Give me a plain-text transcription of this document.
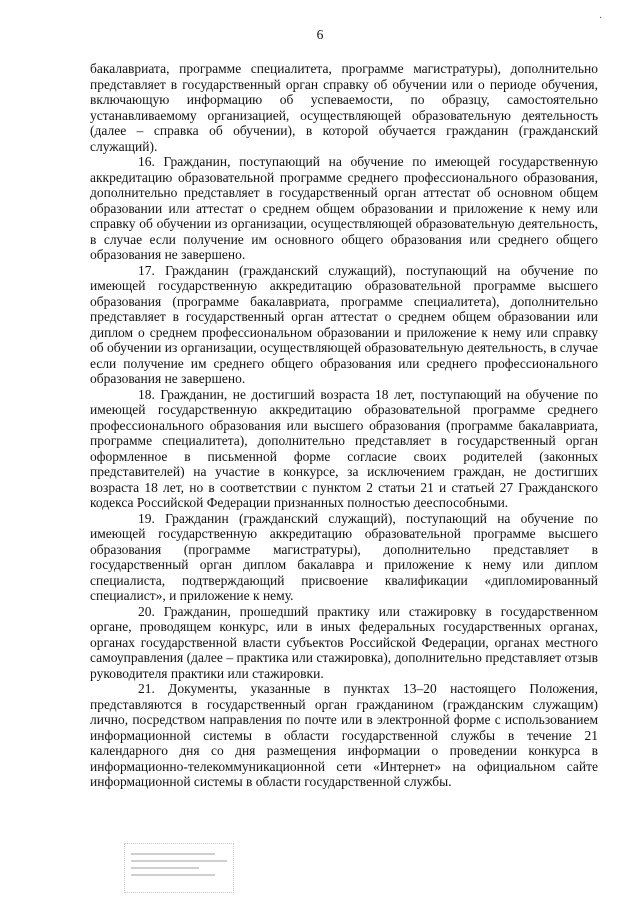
·
6

бакалавриата, программе специалитета, программе магистратуры), дополнительно представляет в государственный орган справку об обучении или о периоде обучения, включающую информацию об успеваемости, по образцу, самостоятельно устанавливаемому организацией, осуществляющей образовательную деятельность (далее – справка об обучении), в которой обучается гражданин (гражданский служащий).

16. Гражданин, поступающий на обучение по имеющей государственную аккредитацию образовательной программе среднего профессионального образования, дополнительно представляет в государственный орган аттестат об основном общем образовании или аттестат о среднем общем образовании и приложение к нему или справку об обучении из организации, осуществляющей образовательную деятельность, в случае если получение им основного общего образования или среднего общего образования не завершено.

17. Гражданин (гражданский служащий), поступающий на обучение по имеющей государственную аккредитацию образовательной программе высшего образования (программе бакалавриата, программе специалитета), дополнительно представляет в государственный орган аттестат о среднем общем образовании или диплом о среднем профессиональном образовании и приложение к нему или справку об обучении из организации, осуществляющей образовательную деятельность, в случае если получение им среднего общего образования или среднего профессионального образования не завершено.

18. Гражданин, не достигший возраста 18 лет, поступающий на обучение по имеющей государственную аккредитацию образовательной программе среднего профессионального образования или высшего образования (программе бакалавриата, программе специалитета), дополнительно представляет в государственный орган оформленное в письменной форме согласие своих родителей (законных представителей) на участие в конкурсе, за исключением граждан, не достигших возраста 18 лет, но в соответствии с пунктом 2 статьи 21 и статьей 27 Гражданского кодекса Российской Федерации признанных полностью дееспособными.

19. Гражданин (гражданский служащий), поступающий на обучение по имеющей государственную аккредитацию образовательной программе высшего образования (программе магистратуры), дополнительно представляет в государственный орган диплом бакалавра и приложение к нему или диплом специалиста, подтверждающий присвоение квалификации «дипломированный специалист», и приложение к нему.

20. Гражданин, прошедший практику или стажировку в государственном органе, проводящем конкурс, или в иных федеральных государственных органах, органах государственной власти субъектов Российской Федерации, органах местного самоуправления (далее – практика или стажировка), дополнительно представляет отзыв руководителя практики или стажировки.

21. Документы, указанные в пунктах 13–20 настоящего Положения, представляются в государственный орган гражданином (гражданским служащим) лично, посредством направления по почте или в электронной форме с использованием информационной системы в области государственной службы в течение 21 календарного дня со дня размещения информации о проведении конкурса в информационно-телекоммуникационной сети «Интернет» на официальном сайте информационной системы в области государственной службы.
